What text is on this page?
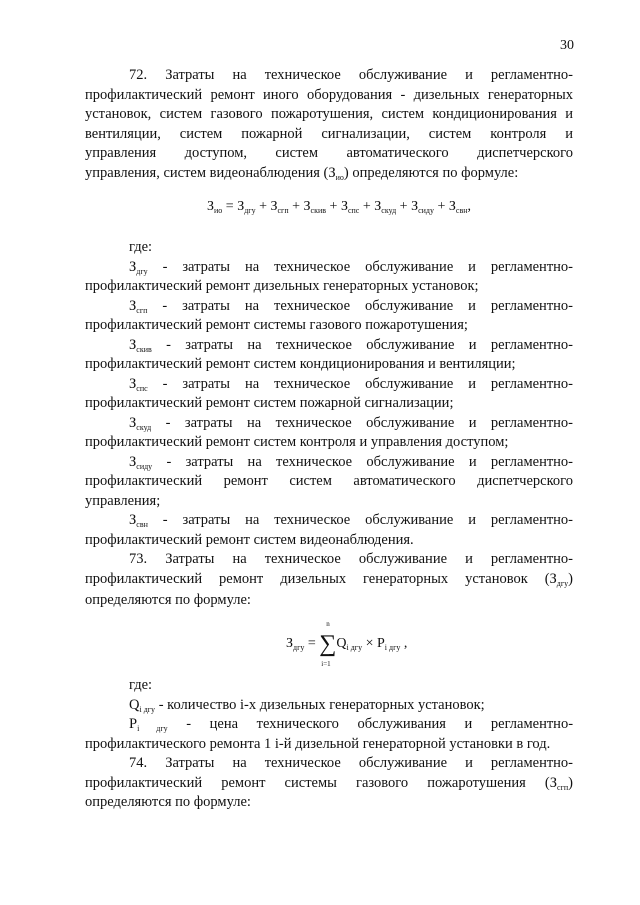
30
72. Затраты на техническое обслуживание и регламентно-
профилактический ремонт иного оборудования - дизельных генераторных
установок, систем газового пожаротушения, систем кондиционирования и
вентиляции, систем пожарной сигнализации, систем контроля и
управления доступом, систем автоматического диспетчерского
управления, систем видеонаблюдения $(З_{ио})$ определяются по формуле:
$З_{ио} = З_{дгу} + З_{сгп} + З_{скив} + З_{спс} + З_{скуд} + З_{сиду} + З_{свн}$,
где:
$З_{дгу}$ - затраты на техническое обслуживание и регламентно-
профилактический ремонт дизельных генераторных установок;
$З_{сгп}$ - затраты на техническое обслуживание и регламентно-
профилактический ремонт системы газового пожаротушения;
$З_{скив}$ - затраты на техническое обслуживание и регламентно-
профилактический ремонт систем кондиционирования и вентиляции;
$З_{спс}$ - затраты на техническое обслуживание и регламентно-
профилактический ремонт систем пожарной сигнализации;
$З_{скуд}$ - затраты на техническое обслуживание и регламентно-
профилактический ремонт систем контроля и управления доступом;
$З_{сиду}$ - затраты на техническое обслуживание и регламентно-
профилактический ремонт систем автоматического диспетчерского
управления;
$З_{свн}$ - затраты на техническое обслуживание и регламентно-
профилактический ремонт систем видеонаблюдения.
73. Затраты на техническое обслуживание и регламентно-
профилактический ремонт дизельных генераторных установок $(З_{дгу})$
определяются по формуле:
$З_{дгу}$ =
n
∑
i=1
$Q_{i дгу} \times P_{i дгу}$ ,
где:
$Q_{i дгу}$ - количество i-х дизельных генераторных установок;
$P_{i дгу}$ - цена технического обслуживания и регламентно-
профилактического ремонта 1 i-й дизельной генераторной установки в год.
74. Затраты на техническое обслуживание и регламентно-
профилактический ремонт системы газового пожаротушения $(З_{сгп})$
определяются по формуле:
